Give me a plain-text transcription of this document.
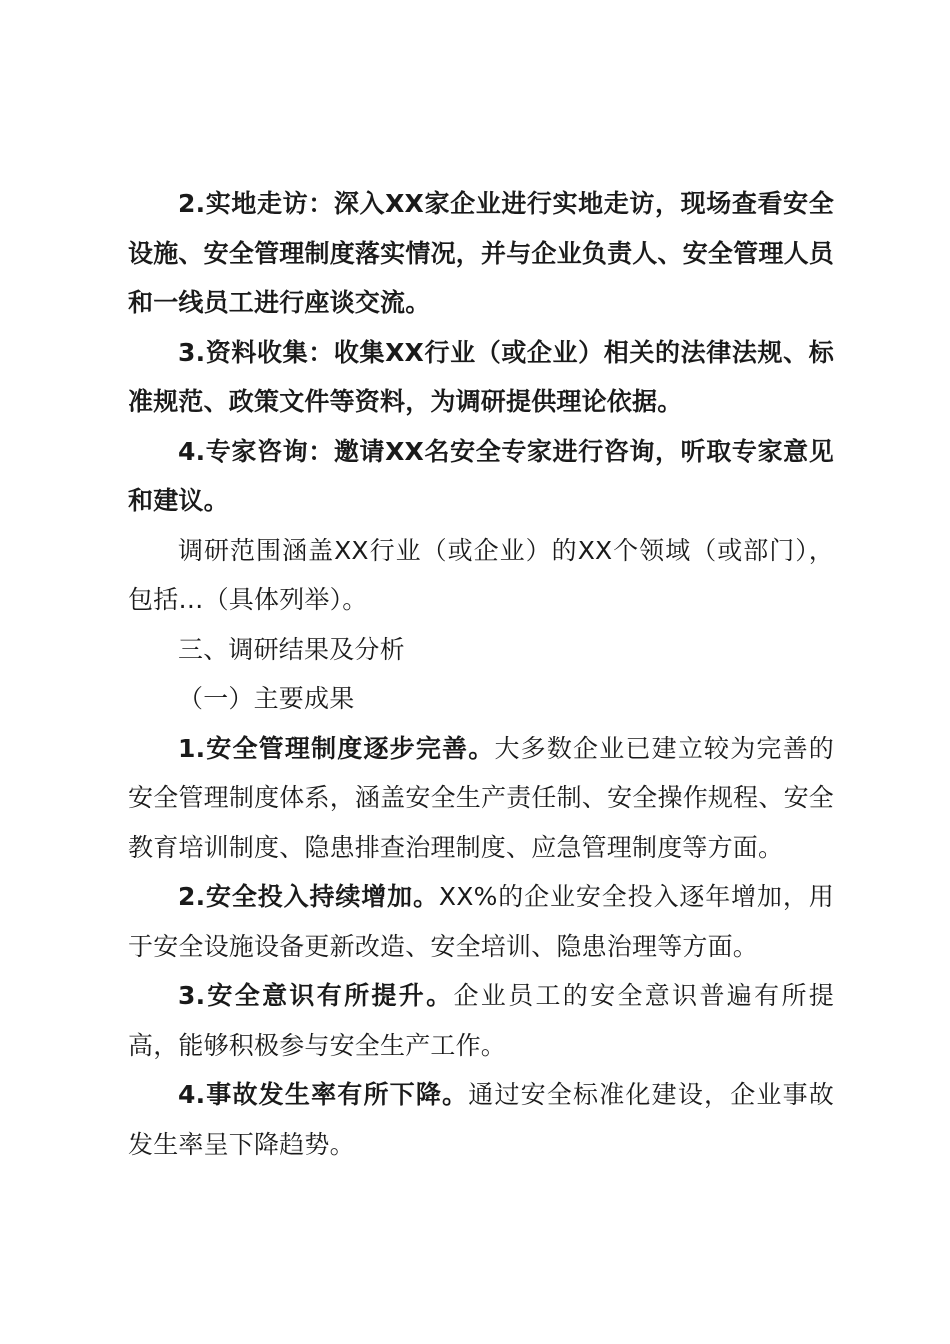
2.实地走访：深入XX家企业进行实地走访，现场查看安全设施、安全管理制度落实情况，并与企业负责人、安全管理人员和一线员工进行座谈交流。

3.资料收集：收集XX行业（或企业）相关的法律法规、标准规范、政策文件等资料，为调研提供理论依据。

4.专家咨询：邀请XX名安全专家进行咨询，听取专家意见和建议。

调研范围涵盖XX行业（或企业）的XX个领域（或部门），包括…（具体列举）。

三、调研结果及分析

（一）主要成果

1.安全管理制度逐步完善。大多数企业已建立较为完善的安全管理制度体系，涵盖安全生产责任制、安全操作规程、安全教育培训制度、隐患排查治理制度、应急管理制度等方面。

2.安全投入持续增加。XX%的企业安全投入逐年增加，用于安全设施设备更新改造、安全培训、隐患治理等方面。

3.安全意识有所提升。企业员工的安全意识普遍有所提高，能够积极参与安全生产工作。

4.事故发生率有所下降。通过安全标准化建设，企业事故发生率呈下降趋势。
